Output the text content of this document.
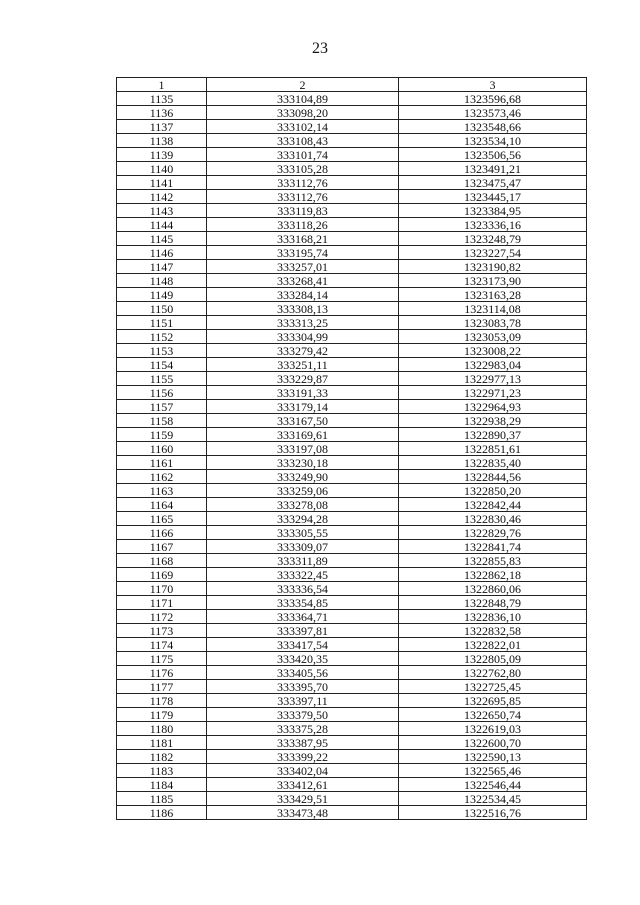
23
1	2	3
1135	333104,89	1323596,68
1136	333098,20	1323573,46
1137	333102,14	1323548,66
1138	333108,43	1323534,10
1139	333101,74	1323506,56
1140	333105,28	1323491,21
1141	333112,76	1323475,47
1142	333112,76	1323445,17
1143	333119,83	1323384,95
1144	333118,26	1323336,16
1145	333168,21	1323248,79
1146	333195,74	1323227,54
1147	333257,01	1323190,82
1148	333268,41	1323173,90
1149	333284,14	1323163,28
1150	333308,13	1323114,08
1151	333313,25	1323083,78
1152	333304,99	1323053,09
1153	333279,42	1323008,22
1154	333251,11	1322983,04
1155	333229,87	1322977,13
1156	333191,33	1322971,23
1157	333179,14	1322964,93
1158	333167,50	1322938,29
1159	333169,61	1322890,37
1160	333197,08	1322851,61
1161	333230,18	1322835,40
1162	333249,90	1322844,56
1163	333259,06	1322850,20
1164	333278,08	1322842,44
1165	333294,28	1322830,46
1166	333305,55	1322829,76
1167	333309,07	1322841,74
1168	333311,89	1322855,83
1169	333322,45	1322862,18
1170	333336,54	1322860,06
1171	333354,85	1322848,79
1172	333364,71	1322836,10
1173	333397,81	1322832,58
1174	333417,54	1322822,01
1175	333420,35	1322805,09
1176	333405,56	1322762,80
1177	333395,70	1322725,45
1178	333397,11	1322695,85
1179	333379,50	1322650,74
1180	333375,28	1322619,03
1181	333387,95	1322600,70
1182	333399,22	1322590,13
1183	333402,04	1322565,46
1184	333412,61	1322546,44
1185	333429,51	1322534,45
1186	333473,48	1322516,76
